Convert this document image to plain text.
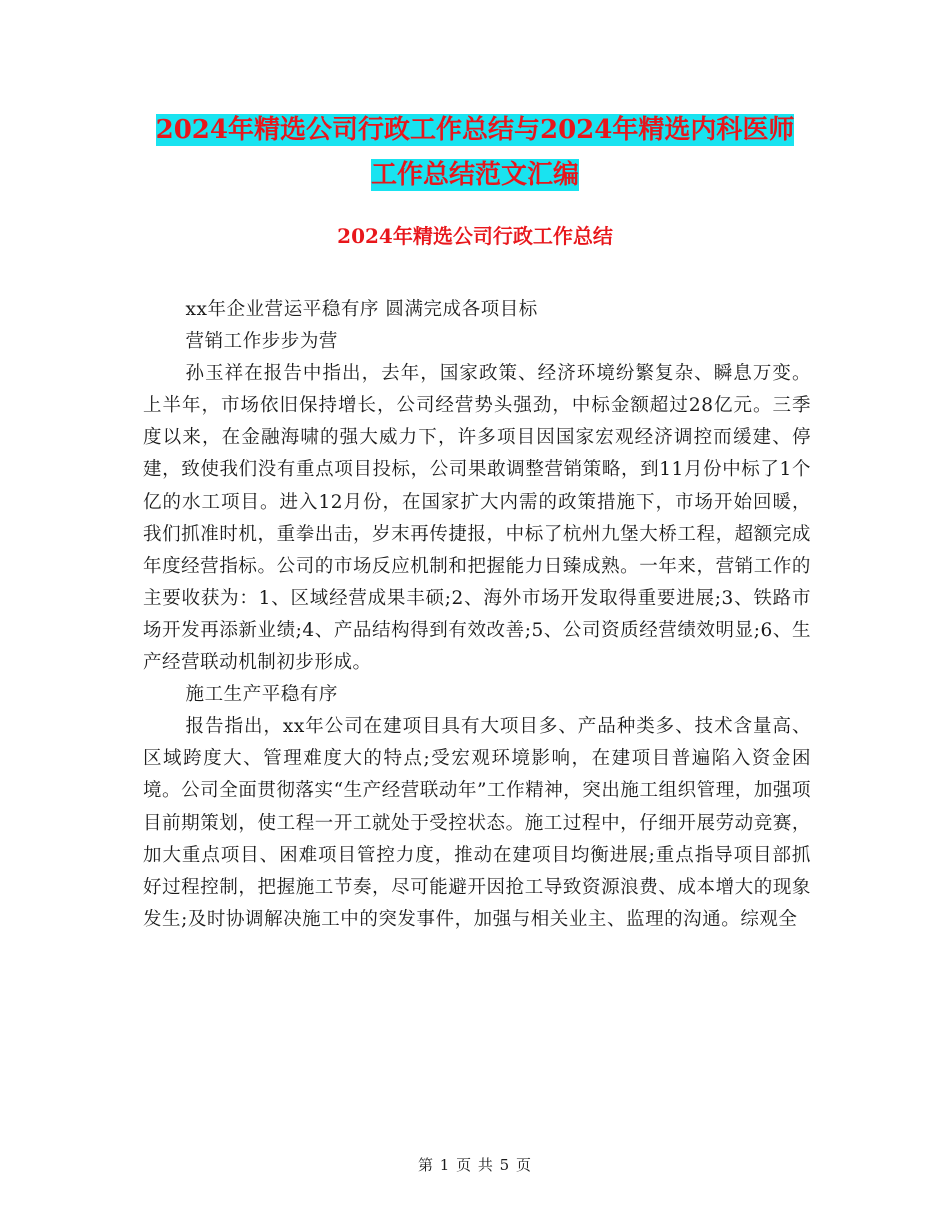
2024年精选公司行政工作总结与2024年精选内科医师
工作总结范文汇编
2024年精选公司行政工作总结

xx年企业营运平稳有序 圆满完成各项目标

营销工作步步为营

孙玉祥在报告中指出，去年，国家政策、经济环境纷繁复杂、瞬息万变。上半年，市场依旧保持增长，公司经营势头强劲，中标金额超过28亿元。三季度以来，在金融海啸的强大威力下，许多项目因国家宏观经济调控而缓建、停建，致使我们没有重点项目投标，公司果敢调整营销策略，到11月份中标了1个亿的水工项目。进入12月份，在国家扩大内需的政策措施下，市场开始回暖，我们抓准时机，重拳出击，岁末再传捷报，中标了杭州九堡大桥工程，超额完成年度经营指标。公司的市场反应机制和把握能力日臻成熟。一年来，营销工作的主要收获为：1、区域经营成果丰硕;2、海外市场开发取得重要进展;3、铁路市场开发再添新业绩;4、产品结构得到有效改善;5、公司资质经营绩效明显;6、生产经营联动机制初步形成。

施工生产平稳有序

报告指出，xx年公司在建项目具有大项目多、产品种类多、技术含量高、区域跨度大、管理难度大的特点;受宏观环境影响，在建项目普遍陷入资金困境。公司全面贯彻落实“生产经营联动年”工作精神，突出施工组织管理，加强项目前期策划，使工程一开工就处于受控状态。施工过程中，仔细开展劳动竞赛，加大重点项目、困难项目管控力度，推动在建项目均衡进展;重点指导项目部抓好过程控制，把握施工节奏，尽可能避开因抢工导致资源浪费、成本增大的现象发生;及时协调解决施工中的突发事件，加强与相关业主、监理的沟通。综观全

第 1 页 共 5 页
